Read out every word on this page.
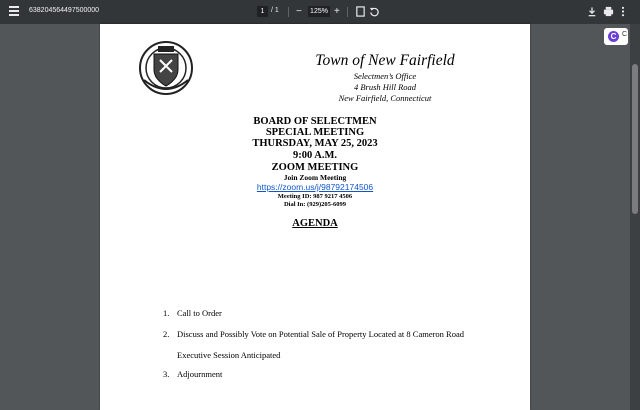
638204564497500000	1 / 1 − 125% +
Town of New Fairfield
Selectmen’s Office
4 Brush Hill Road
New Fairfield, Connecticut
BOARD OF SELECTMEN
SPECIAL MEETING
THURSDAY, MAY 25, 2023
9:00 A.M.
ZOOM MEETING
Join Zoom Meeting
https://zoom.us/j/98792174506
Meeting ID: 987 9217 4506
Dial In: (929)205-6099
AGENDA
1. Call to Order
2. Discuss and Possibly Vote on Potential Sale of Property Located at 8 Cameron Road
Executive Session Anticipated
3. Adjournment
C C
